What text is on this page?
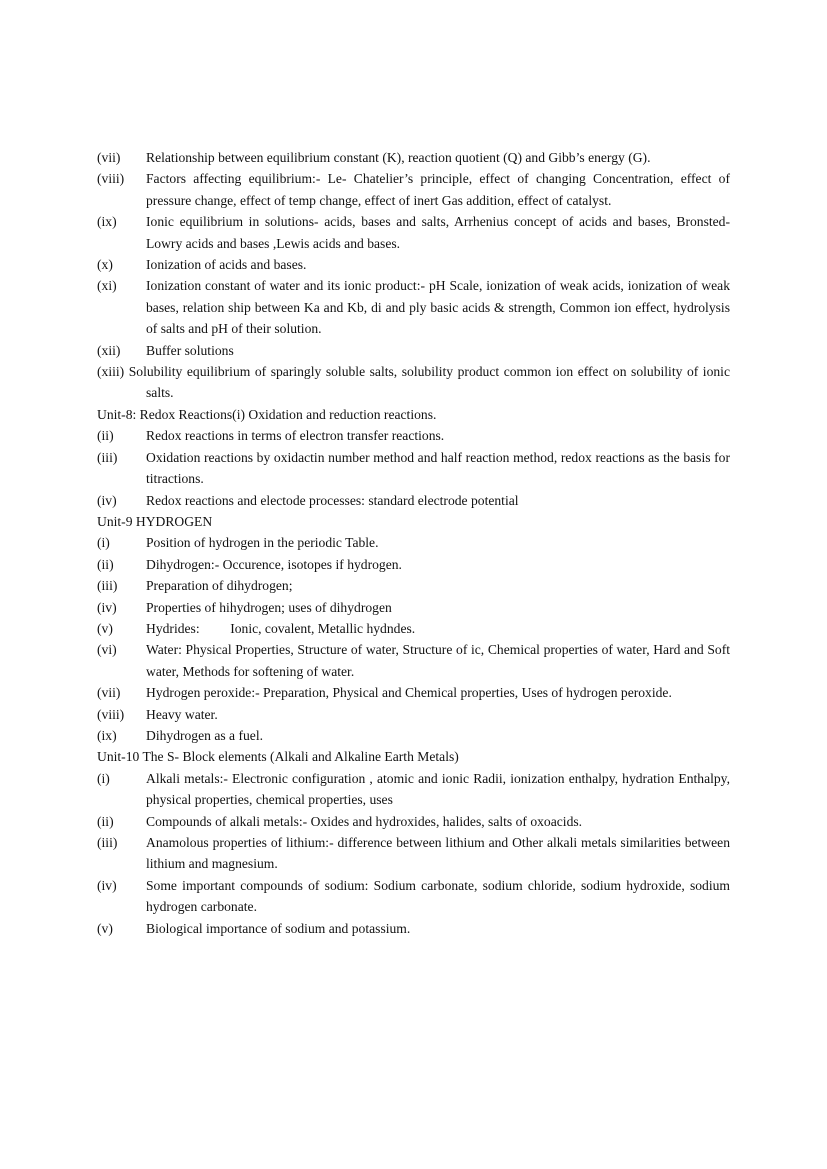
(vii)	Relationship between equilibrium constant (K), reaction quotient (Q) and Gibb’s energy (G).
(viii)	Factors affecting equilibrium:- Le- Chatelier’s principle, effect of changing Concentration, effect of pressure change, effect of temp change, effect of inert Gas addition, effect of catalyst.
(ix)	Ionic equilibrium in solutions- acids, bases and salts, Arrhenius concept of acids and bases, Bronsted- Lowry acids and bases ,Lewis acids and bases.
(x)	Ionization of acids and bases.
(xi)	Ionization constant of water and its ionic product:- pH Scale, ionization of weak acids, ionization of weak bases, relation ship between Ka and Kb, di and ply basic acids & strength, Common ion effect, hydrolysis of salts and pH of their solution.
(xii)	Buffer solutions
(xiii) Solubility equilibrium of sparingly soluble salts, solubility product common ion effect on solubility of ionic salts.
Unit-8: Redox Reactions(i) Oxidation and reduction reactions.
(ii)	Redox reactions in terms of electron transfer reactions.
(iii)	Oxidation reactions by oxidactin number method and half reaction method, redox reactions as the basis for titractions.
(iv)	Redox reactions and electode processes: standard electrode potential
Unit-9 HYDROGEN
(i)	Position of hydrogen in the periodic Table.
(ii)	Dihydrogen:- Occurence, isotopes if hydrogen.
(iii)	Preparation of dihydrogen;
(iv)	Properties of hihydrogen; uses of dihydrogen
(v)	Hydrides:         Ionic, covalent, Metallic hydndes.
(vi)	Water: Physical Properties, Structure of water, Structure of ic, Chemical properties of water, Hard and Soft water, Methods for softening of water.
(vii)	Hydrogen peroxide:- Preparation, Physical and Chemical properties, Uses of hydrogen peroxide.
(viii)	Heavy water.
(ix)	Dihydrogen as a fuel.
Unit-10 The S- Block elements (Alkali and Alkaline Earth Metals)
(i)	Alkali metals:- Electronic configuration , atomic and ionic Radii, ionization enthalpy, hydration Enthalpy, physical properties, chemical properties, uses
(ii)	Compounds of alkali metals:- Oxides and hydroxides, halides, salts of oxoacids.
(iii)	Anamolous properties of lithium:- difference between lithium and Other alkali metals similarities between lithium and magnesium.
(iv)	Some important compounds of sodium: Sodium carbonate, sodium chloride, sodium hydroxide, sodium hydrogen carbonate.
(v)	Biological importance of sodium and potassium.
